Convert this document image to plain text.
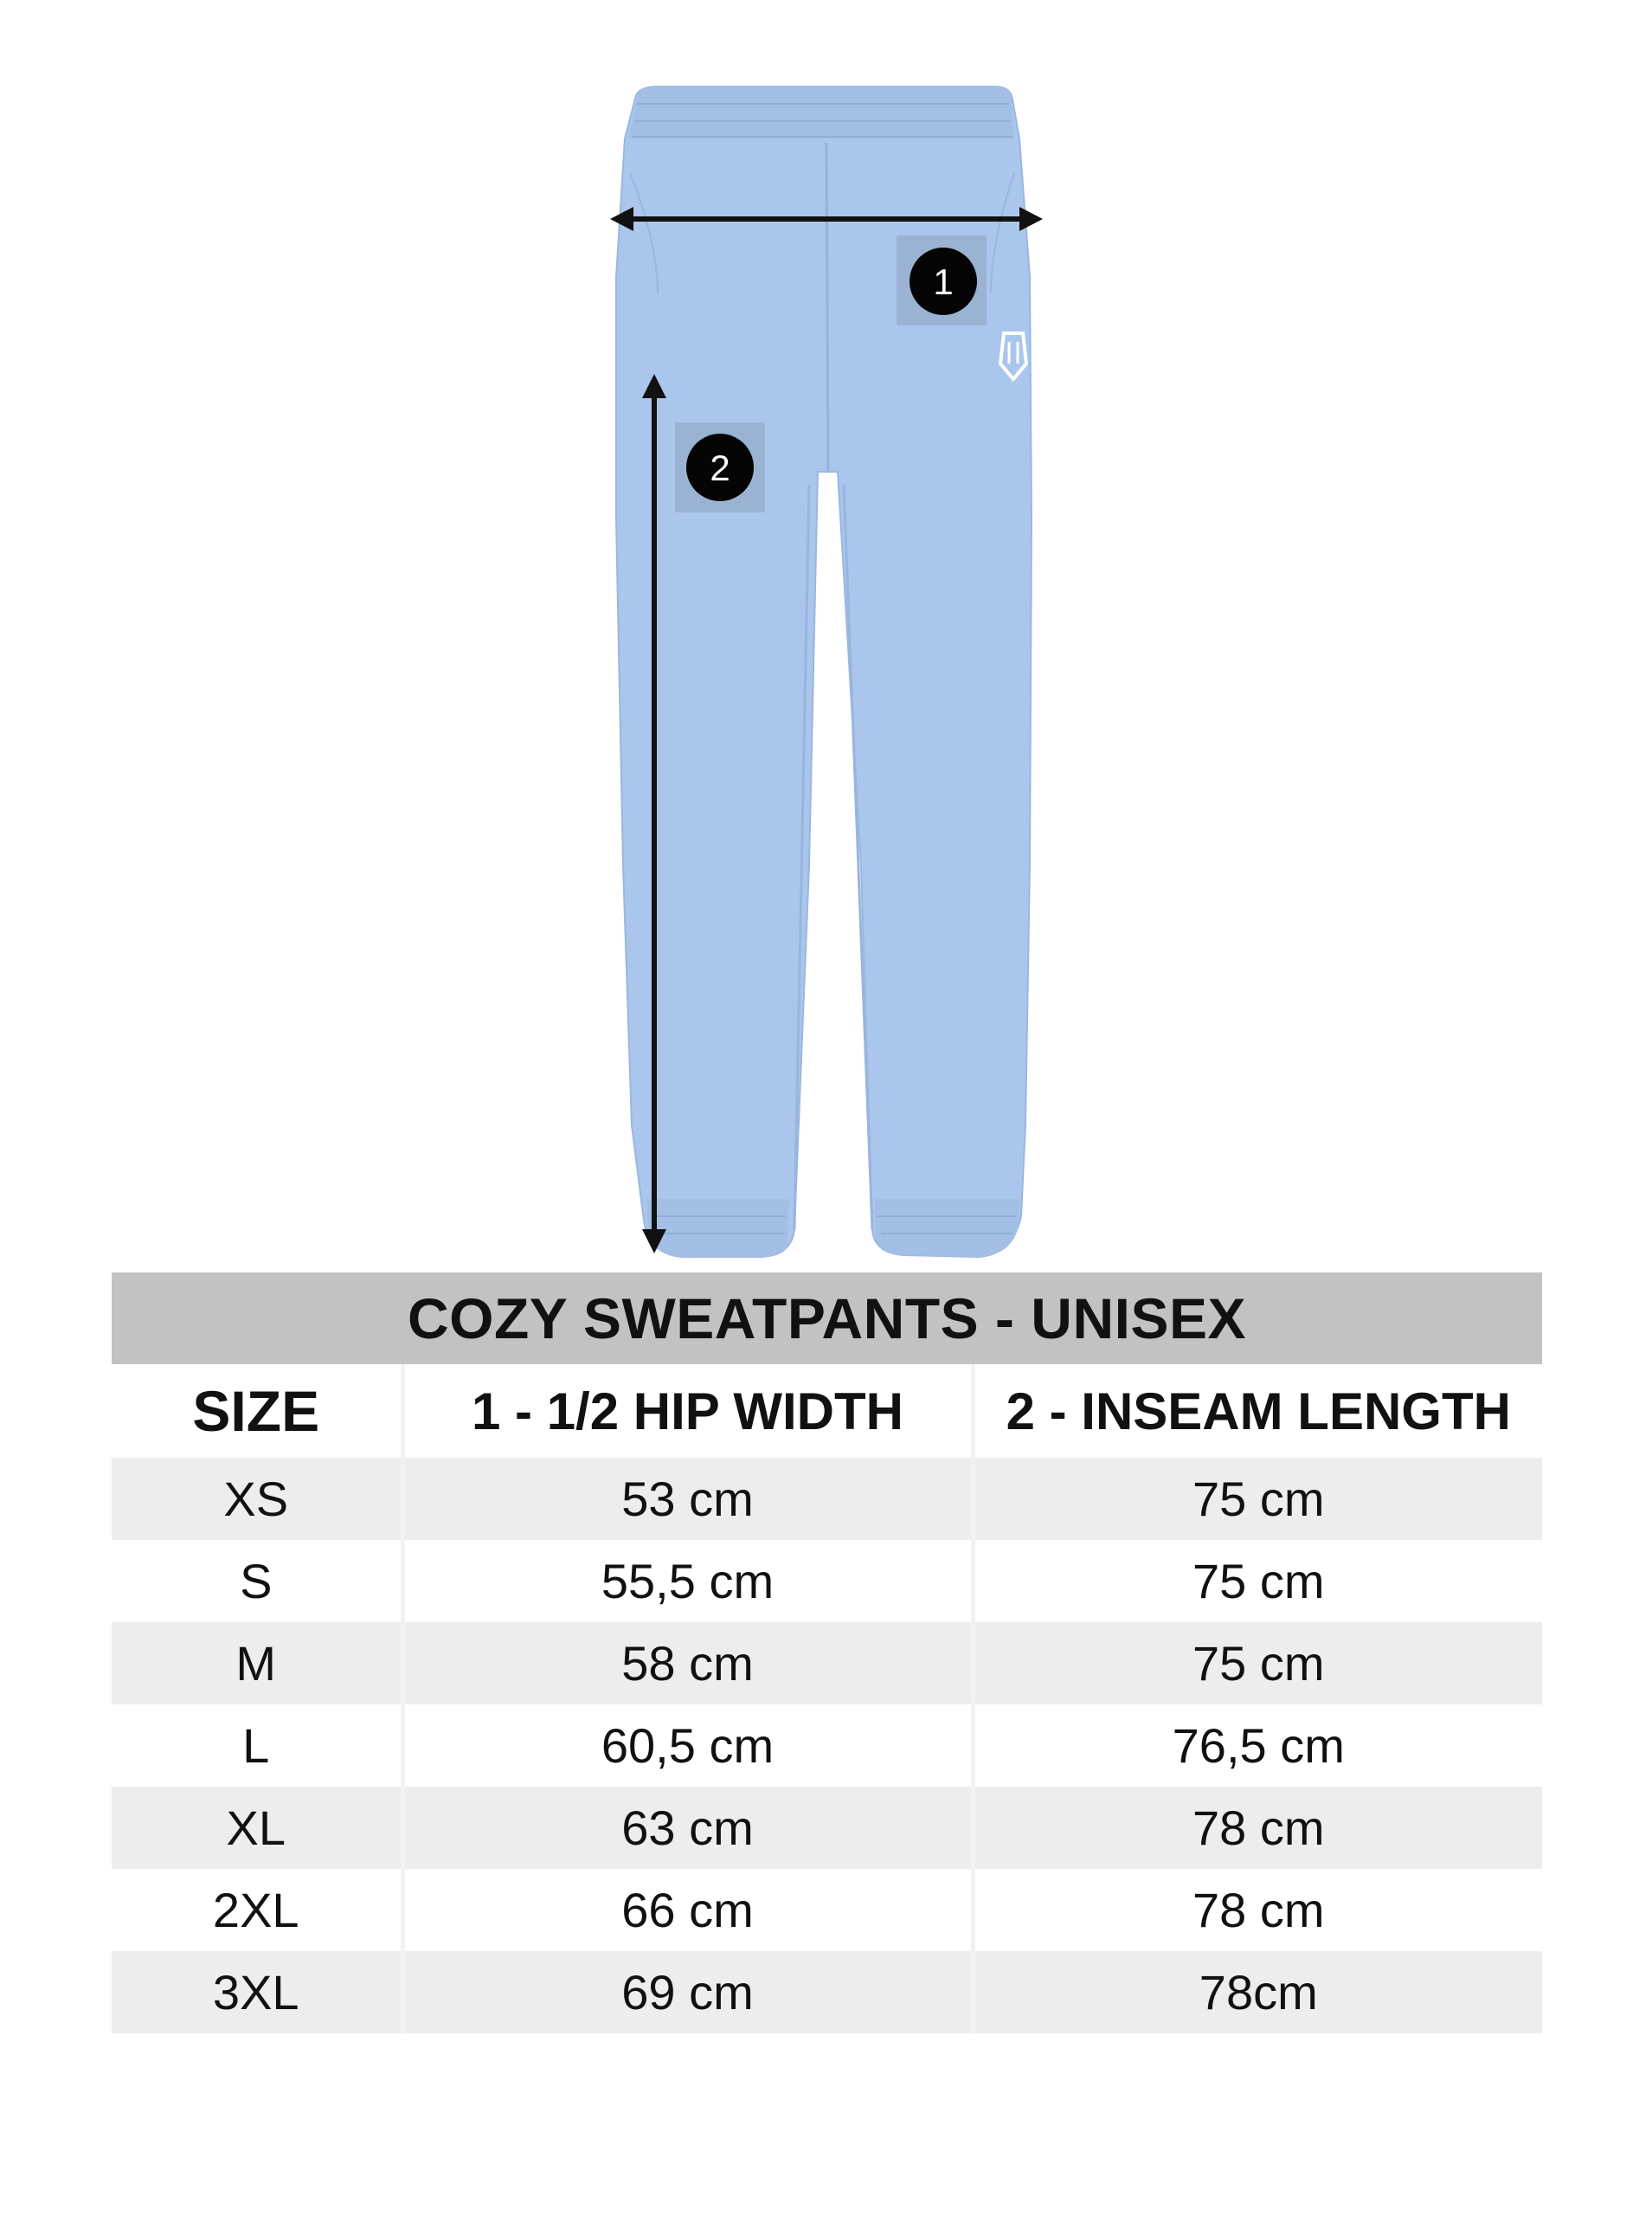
1
2
COZY SWEATPANTS - UNISEX		
SIZE	1 - 1/2 HIP WIDTH	2 - INSEAM LENGTH
XS	53 cm	75 cm
S	55,5 cm	75 cm
M	58 cm	75 cm
L	60,5 cm	76,5 cm
XL	63 cm	78 cm
2XL	66 cm	78 cm
3XL	69 cm	78cm
